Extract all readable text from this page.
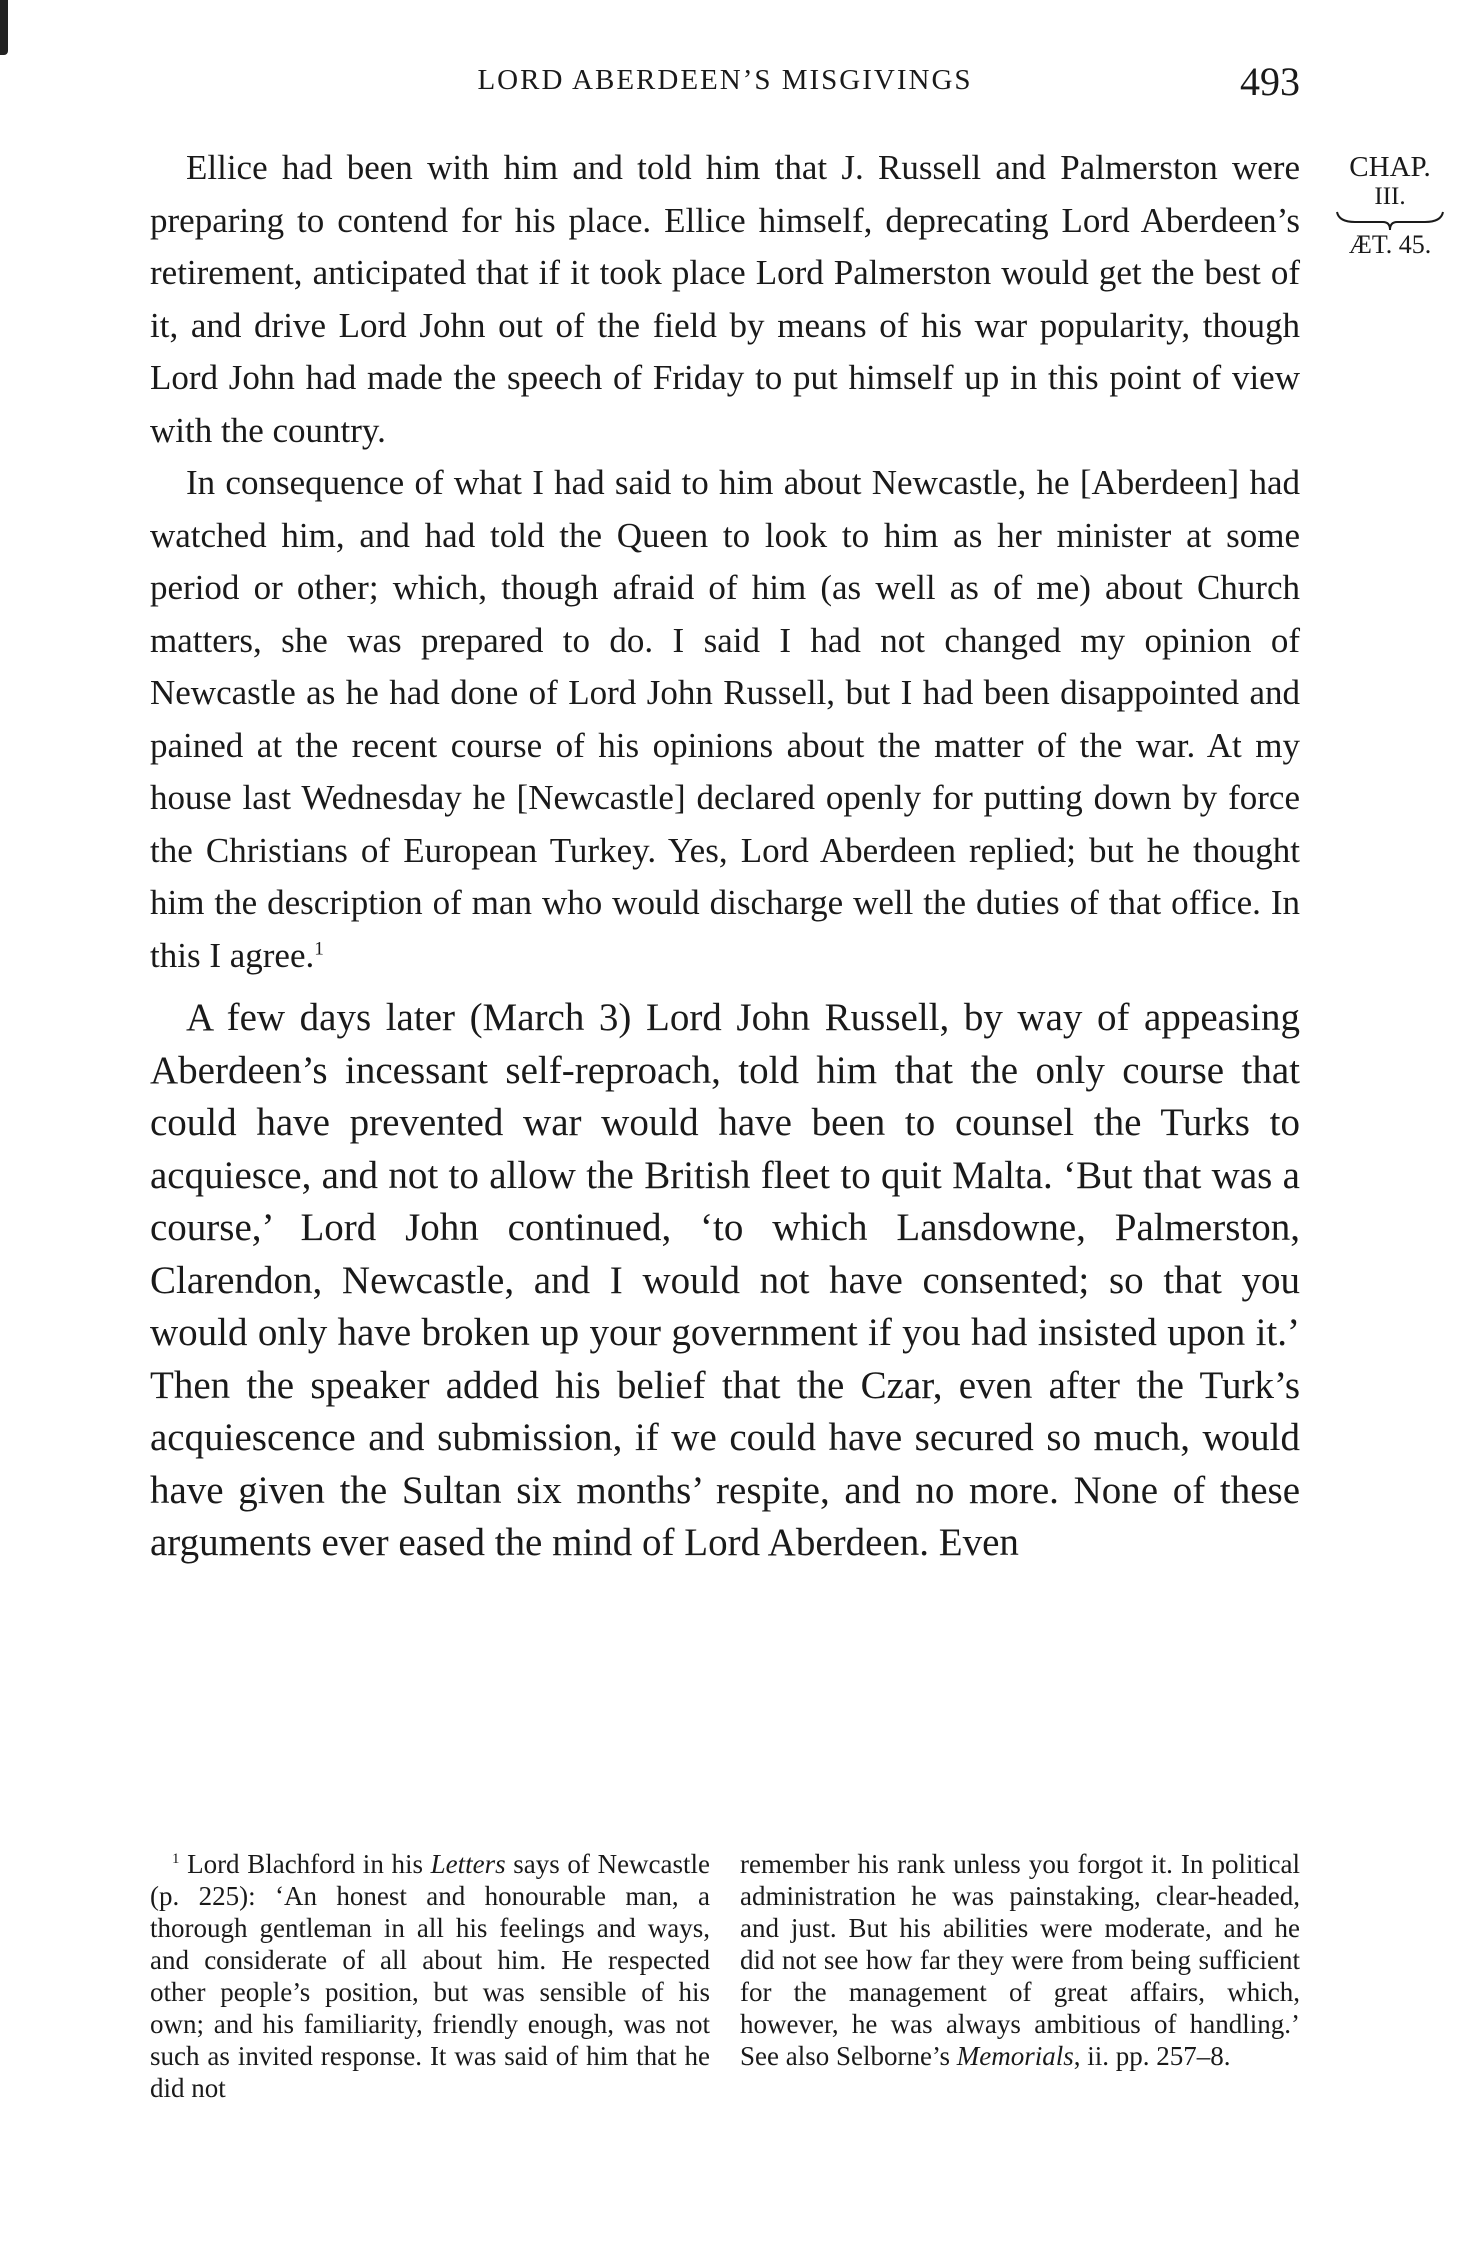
LORD ABERDEEN’S MISGIVINGS	493
CHAP.
III.
ÆT. 45.

Ellice had been with him and told him that J. Russell and Palmerston were preparing to contend for his place. Ellice himself, deprecating Lord Aberdeen’s retirement, anticipated that if it took place Lord Palmerston would get the best of it, and drive Lord John out of the field by means of his war popularity, though Lord John had made the speech of Friday to put himself up in this point of view with the country.

In consequence of what I had said to him about Newcastle, he [Aberdeen] had watched him, and had told the Queen to look to him as her minister at some period or other; which, though afraid of him (as well as of me) about Church matters, she was prepared to do. I said I had not changed my opinion of Newcastle as he had done of Lord John Russell, but I had been disappointed and pained at the recent course of his opinions about the matter of the war. At my house last Wednesday he [Newcastle] declared openly for putting down by force the Christians of European Turkey. Yes, Lord Aberdeen replied; but he thought him the description of man who would discharge well the duties of that office. In this I agree.$^1$

A few days later (March 3) Lord John Russell, by way of appeasing Aberdeen’s incessant self-reproach, told him that the only course that could have prevented war would have been to counsel the Turks to acquiesce, and not to allow the British fleet to quit Malta. ‘But that was a course,’ Lord John continued, ‘to which Lansdowne, Palmerston, Clarendon, Newcastle, and I would not have consented; so that you would only have broken up your government if you had insisted upon it.’ Then the speaker added his belief that the Czar, even after the Turk’s acquiescence and submission, if we could have secured so much, would have given the Sultan six months’ respite, and no more. None of these arguments ever eased the mind of Lord Aberdeen. Even

$^1$ Lord Blachford in his Letters says of Newcastle (p. 225): ‘An honest and honourable man, a thorough gentleman in all his feelings and ways, and considerate of all about him. He respected other people’s position, but was sensible of his own; and his familiarity, friendly enough, was not such as invited response. It was said of him that he did not

remember his rank unless you forgot it. In political administration he was painstaking, clear-headed, and just. But his abilities were moderate, and he did not see how far they were from being sufficient for the management of great affairs, which, however, he was always ambitious of handling.’ See also Selborne’s Memorials, ii. pp. 257–8.
